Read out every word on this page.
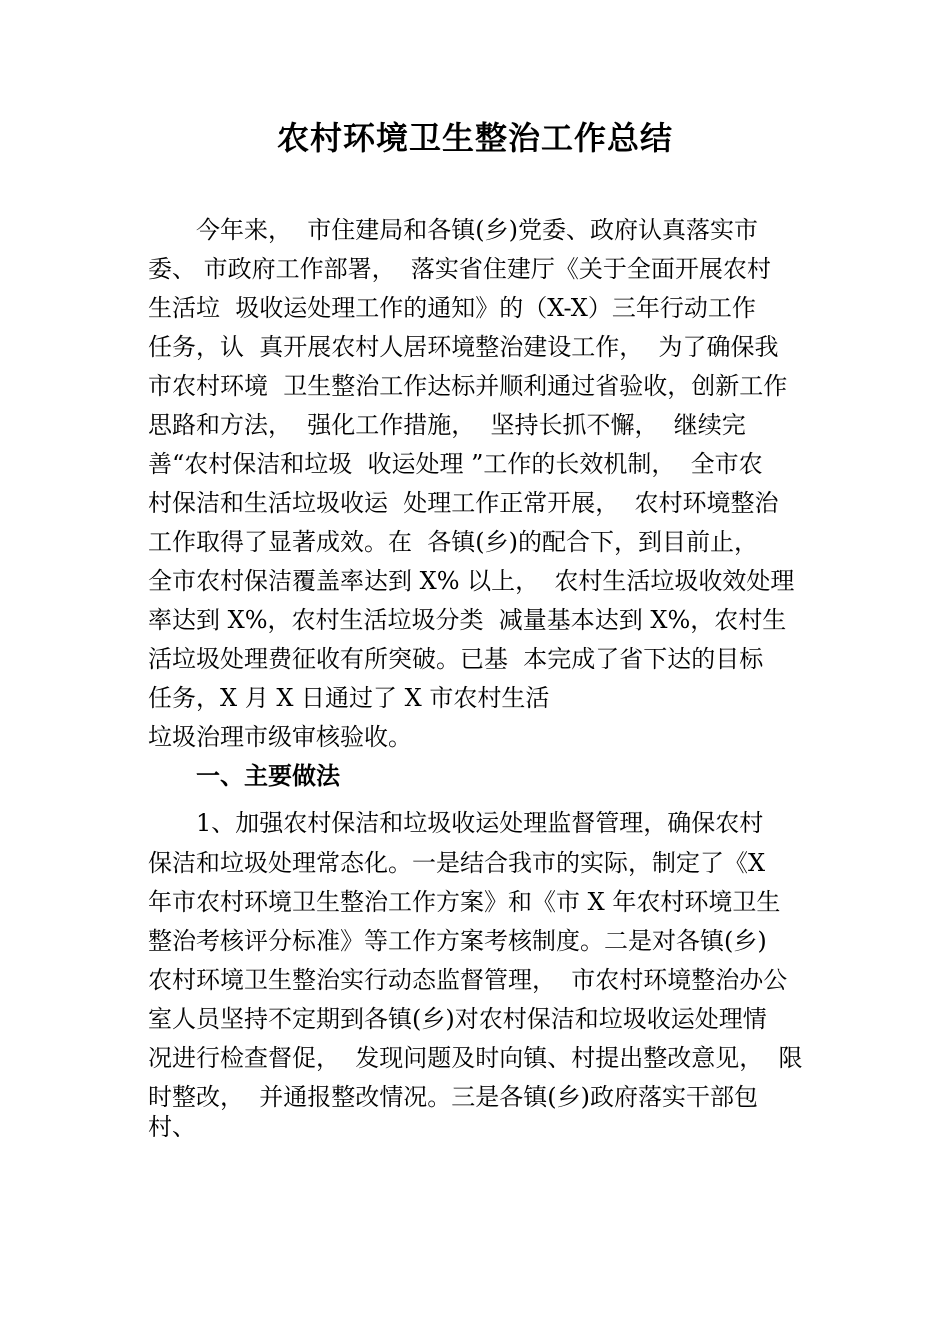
农村环境卫生整治工作总结

今年来，  市住建局和各镇(乡)党委、政府认真落实市

委、 市政府工作部署，  落实省住建厅《关于全面开展农村

生活垃  圾收运处理工作的通知》的（X-X）三年行动工作

任务，认  真开展农村人居环境整治建设工作，  为了确保我

市农村环境  卫生整治工作达标并顺利通过省验收，创新工作

思路和方法，  强化工作措施，  坚持长抓不懈，  继续完

善“农村保洁和垃圾  收运处理 ”工作的长效机制，  全市农

村保洁和生活垃圾收运  处理工作正常开展，  农村环境整治

工作取得了显著成效。在  各镇(乡)的配合下，到目前止，

全市农村保洁覆盖率达到 X% 以上，  农村生活垃圾收效处理

率达到 X%，农村生活垃圾分类  减量基本达到 X%，农村生

活垃圾处理费征收有所突破。已基  本完成了省下达的目标

任务，X 月 X 日通过了 X 市农村生活

垃圾治理市级审核验收。

一、主要做法

1、加强农村保洁和垃圾收运处理监督管理，确保农村

保洁和垃圾处理常态化。一是结合我市的实际，制定了《X

年市农村环境卫生整治工作方案》和《市 X 年农村环境卫生

整治考核评分标准》等工作方案考核制度。二是对各镇(乡)

农村环境卫生整治实行动态监督管理，  市农村环境整治办公

室人员坚持不定期到各镇(乡)对农村保洁和垃圾收运处理情

况进行检查督促，  发现问题及时向镇、村提出整改意见，  限

时整改，  并通报整改情况。三是各镇(乡)政府落实干部包

村、
